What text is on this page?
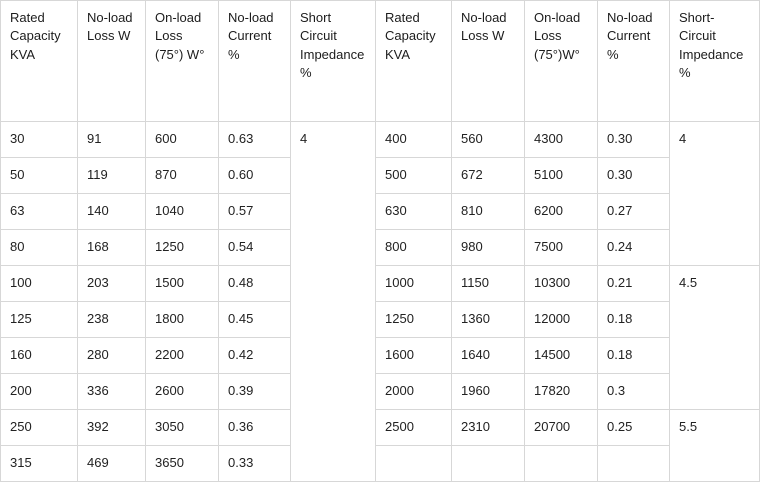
Rated Capacity KVA	No-load Loss W	On-load Loss (75°) W°	No-load Current %	Short Circuit Impedance %	Rated Capacity KVA	No-load Loss W	On-load Loss (75°)W°	No-load Current %	Short-Circuit Impedance %
30	91	600	0.63	4	400	560	4300	0.30	4
50	119	870	0.60		500	672	5100	0.30	
63	140	1040	0.57		630	810	6200	0.27	
80	168	1250	0.54		800	980	7500	0.24	
100	203	1500	0.48		1000	1150	10300	0.21	4.5
125	238	1800	0.45		1250	1360	12000	0.18	
160	280	2200	0.42		1600	1640	14500	0.18	
200	336	2600	0.39		2000	1960	17820	0.3	
250	392	3050	0.36		2500	2310	20700	0.25	5.5
315	469	3650	0.33						
